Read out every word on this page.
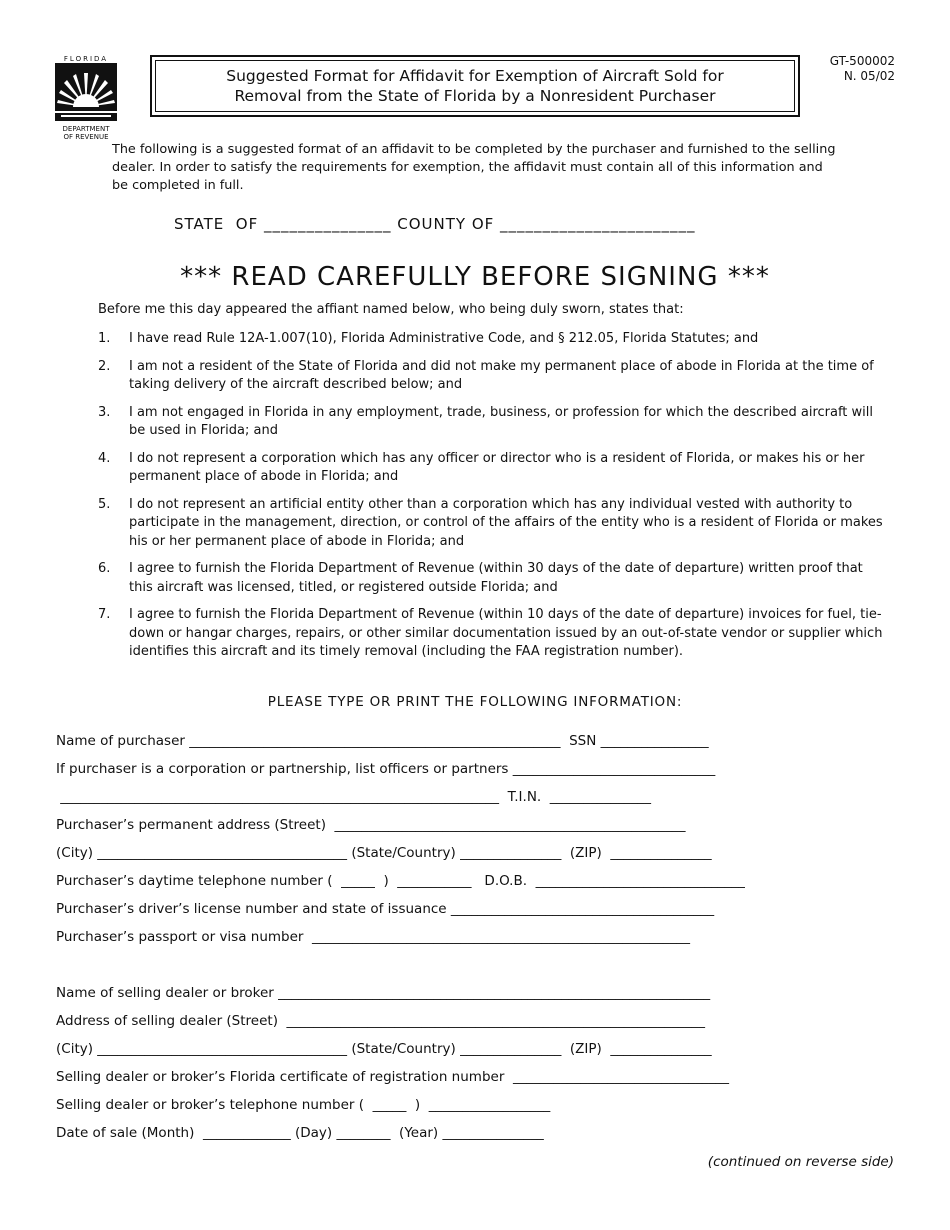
FLORIDA
DEPARTMENT
OF REVENUE
Suggested Format for Affidavit for Exemption of Aircraft Sold for
Removal from the State of Florida by a Nonresident Purchaser
GT-500002
N. 05/02
The following is a suggested format of an affidavit to be completed by the purchaser and furnished to the selling dealer. In order to satisfy the requirements for exemption, the affidavit must contain all of this information and be completed in full.
STATE  OF _______________ COUNTY OF _______________________
*** READ CAREFULLY BEFORE SIGNING ***
Before me this day appeared the affiant named below, who being duly sworn, states that:
1.	I have read Rule 12A-1.007(10), Florida Administrative Code, and § 212.05, Florida Statutes; and
2.	I am not a resident of the State of Florida and did not make my permanent place of abode in Florida at the time of taking delivery of the aircraft described below; and
3.	I am not engaged in Florida in any employment, trade, business, or profession for which the described aircraft will be used in Florida; and
4.	I do not represent a corporation which has any officer or director who is a resident of Florida, or makes his or her permanent place of abode in Florida; and
5.	I do not represent an artificial entity other than a corporation which has any individual vested with authority to participate in the management, direction, or control of the affairs of the entity who is a resident of Florida or makes his or her permanent place of abode in Florida; and
6.	I agree to furnish the Florida Department of Revenue (within 30 days of the date of departure) written proof that this aircraft was licensed, titled, or registered outside Florida; and
7.	I agree to furnish the Florida Department of Revenue (within 10 days of the date of departure) invoices for fuel, tie-down or hangar charges, repairs, or other similar documentation issued by an out-of-state vendor or supplier which identifies this aircraft and its timely removal (including the FAA registration number).
PLEASE TYPE OR PRINT THE FOLLOWING INFORMATION:
Name of purchaser _______________________________________________________  SSN ________________
If purchaser is a corporation or partnership, list officers or partners ______________________________
_________________________________________________________________  T.I.N.  _______________
Purchaser’s permanent address (Street)  ____________________________________________________
(City) _____________________________________ (State/Country) _______________  (ZIP)  _______________
Purchaser’s daytime telephone number (  _____  )  ___________   D.O.B.  _______________________________
Purchaser’s driver’s license number and state of issuance _______________________________________
Purchaser’s passport or visa number  ________________________________________________________
Name of selling dealer or broker ________________________________________________________________
Address of selling dealer (Street)  ______________________________________________________________
(City) _____________________________________ (State/Country) _______________  (ZIP)  _______________
Selling dealer or broker’s Florida certificate of registration number  ________________________________
Selling dealer or broker’s telephone number (  _____  )  __________________
Date of sale (Month)  _____________ (Day) ________  (Year) _______________
(continued on reverse side)
